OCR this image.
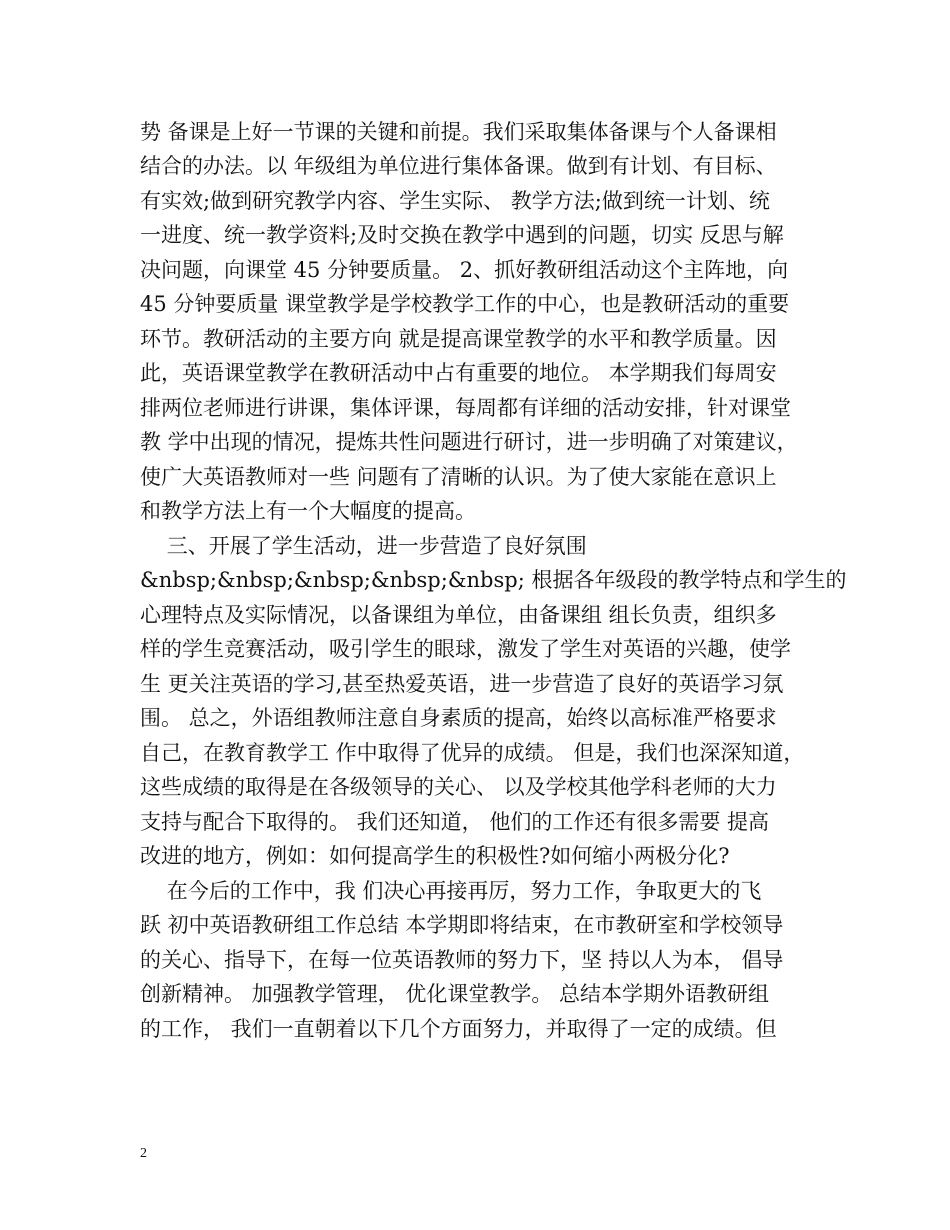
势 备课是上好一节课的关键和前提。我们采取集体备课与个人备课相
结合的办法。以 年级组为单位进行集体备课。做到有计划、有目标、
有实效;做到研究教学内容、学生实际、 教学方法;做到统一计划、统
一进度、统一教学资料;及时交换在教学中遇到的问题，切实 反思与解
决问题，向课堂 45 分钟要质量。 2、抓好教研组活动这个主阵地，向
45 分钟要质量 课堂教学是学校教学工作的中心，也是教研活动的重要
环节。教研活动的主要方向 就是提高课堂教学的水平和教学质量。因
此，英语课堂教学在教研活动中占有重要的地位。 本学期我们每周安
排两位老师进行讲课，集体评课，每周都有详细的活动安排，针对课堂
教 学中出现的情况，提炼共性问题进行研讨，进一步明确了对策建议，
使广大英语教师对一些 问题有了清晰的认识。为了使大家能在意识上
和教学方法上有一个大幅度的提高。
三、开展了学生活动，进一步营造了良好氛围
&nbsp;&nbsp;&nbsp;&nbsp;&nbsp; 根据各年级段的教学特点和学生的
心理特点及实际情况，以备课组为单位，由备课组 组长负责，组织多
样的学生竞赛活动，吸引学生的眼球，激发了学生对英语的兴趣，使学
生 更关注英语的学习,甚至热爱英语，进一步营造了良好的英语学习氛
围。 总之，外语组教师注意自身素质的提高，始终以高标准严格要求
自己，在教育教学工 作中取得了优异的成绩。 但是，我们也深深知道，
这些成绩的取得是在各级领导的关心、 以及学校其他学科老师的大力
支持与配合下取得的。 我们还知道， 他们的工作还有很多需要 提高
改进的地方，例如：如何提高学生的积极性?如何缩小两极分化?
在今后的工作中，我 们决心再接再厉，努力工作，争取更大的飞
跃 初中英语教研组工作总结 本学期即将结束，在市教研室和学校领导
的关心、指导下，在每一位英语教师的努力下，坚 持以人为本， 倡导
创新精神。 加强教学管理， 优化课堂教学。 总结本学期外语教研组
的工作， 我们一直朝着以下几个方面努力，并取得了一定的成绩。但
2
